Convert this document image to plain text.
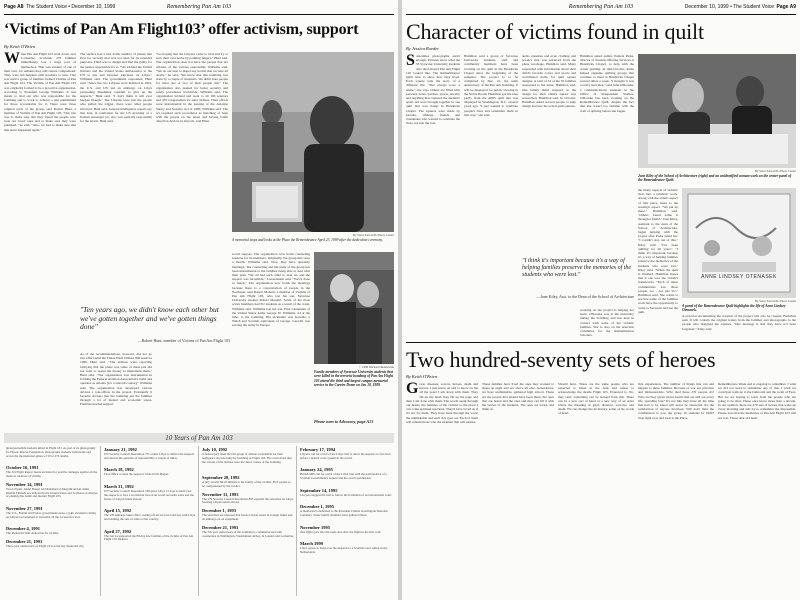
Page A8 The Student Voice • December 10, 1999	Remembering Pan Am 103
‘Victims of Pan Am Flight103’ offer activism, support
By Keith O'Brien
W hen Pan Am Flight 103 went down over Lockerbie, Scotland, 270 families immediately lost a huge part of themselves. That was evident of one of their own, for remains they still cannot comprehend. They were left helpless with nowhere to turn. That was until a group of families formed Victims of Pan Am Flight 103. The Victims of Pan Am Flight 103 was originally formed to be a proactive organization, according to President George Williams. It was meant to find out who was responsible for the bombing and to work to achieve a just punishment for those accountable for it. There were three original parts of the group, said Robert Hunt, a member of Victims of Pan Am Flight 103. "Our role was to make sure that they found the people who took our loved ones and to make sure they were punished," he said. "Also, we had to make sure that this never happened again."
The surface had a less dollar number of planes that flew for security that was not used for its intended purposes. Third was to design and find the guilty for the parties responsible for it. "We lobbied the United Nations and the United States Ambassador to the UN to put and increase sanctions on Libya," Williams said. The government responded, Hunt said. "Since the two Libyans were indicted in 1991, the U.S. and UN put an embargo on Libya persuading Muammar Gaddafi to give up the suspects," Hunt said. "I don't think it will ever happen though." The Libyans were just the people who pulled the trigger, there were other people involved, Hunt said. General intelligence reports say that Iran, in retaliation for the US downing of a Iranian passenger jet, also was partially responsible for the attack, Hunt said.
"Go hoping that the Libyans come to trial and try to save their own necks by pointing fingers," Hunt said. The organization does not have the people that are citizens of the various responsible Williams said. "We do our best to dispel any notion that we hate all Arabs," he said. "We know that this bombing was done by a couple of monsters. We didn't hate people for what one or two of their people did." The organization also pushed for better security and safety procedures worldwide, Williams said. The organization lobbied and went to all 106 senators and 435 congressmen for safer airlines. Their efforts were instrumental in the passing of the Aviation Safety and Security Act of 1990, Williams said. The act required such procedures as matching of bags with the people on the plane and having bomb detection devices in airports, said Hunt.
"Ten years ago, we didn't know each other but we've gotten together and we've gotten things done"
—Robert Hunt, member of Victims of Pan Am Flight 103
As of the recommendations, however, did not go into effect until the Times Wash billions 900 seeds in 1996, Hunt said. "The airlines were reporting lobbying that the plane was some of these just did not want to spend the money to implement them," Hunt said. "The organization was instrumental in forming the Federal Aviation Association's build and operates as Atlanta [for a smooth course]," Williams said. The organization has developed various devices a role-officer in the project. Eventually it became obvious that the bombing put the families through a lot of mental and economic stress. Families needed support.
By Steve Sartori/SU Photo Center
A memorial stops and looks at the Place the Remembrance April 23, 1999 after the dedication ceremony.
social support. The organization now holds counseling sessions for its members. Originally, the group met once a month, Williams said. Now, they have quarterly meetings. The counseling and the unity of the group has been instrumental to the families being able to deal with their pain. "We all had each other to lean on, and the support was incredible," Loewenstein said. "We've done so much." The organization now holds the meetings because there is a concentration of people in the Northeast, said Robert Monetti, a member of Victims of Pan Am Flight 103, who lost his son, Syracuse University student Robert Monetti. Some of the most active members had SU students as a result of the crash, Williams said. Williams lost his son, First Lieutenant of the United States Army George W. Williams, 24 at the time, to the bombing. His nickname was Geordie, a Welsh and Scottish equivalent of George. Geordie was serving the Army in Europe.
© 1989 Michael Okoniewski
Family members of Syracuse University students that were killed in the terrorist bombing of Pan Am Flight 103 attend the third and largest campus memorial service in the Carrier Dome on Jan 18, 1989.
Please turn to Advocacy, page A13
10 Years of Pan Am 103
photojournalism students killed in Flight 103. As part of its photography for Heroic Rescue Foundation, photographs students nationwide and across the international sphere of 50 to 270 deaths.
October 16, 1991
The 3rd Flight Report meets an intent for positive damages against all the made-to relatives of victims.
November 14, 1991
Two Libyans, Abdel Basset Ali Mohamed al-Megrahi and Al Amin Khalifa Fhimah, are indicted in the United States and Scotland on charges of planting the bomb and murder Flight 103.
November 27, 1991
The U.S., Britain and France governments issue a joint statement calling on Libyan Government to surrender all the accused for trial.
December 4, 1991
The Memorial Wall dedication for victims.
December 21, 1991
Three-year anniversary of Flight 103 on the day marks the city.
January 21, 1992
UN Security Council Resolution 731 orders Libya to deliver the suspects and answer the question of responsibility a couple of times.
March 18, 1992
First Office to meet the suspects' trials in the Hague.
March 31, 1992
UN Security Council Resolution 748 gives Libya 15 days to hand over the suspects or face a worldwide ban on air travel and arms sales and the freeze of Libyan funds abroad.
April 15, 1992
The UN embargo takes effect, cutting off all air travel and ties with Libya and banning the sale of arms to that country.
April 27, 1992
The last we supported the 88-day few families of the victims of Pan Am Flight 103 Disaster.
July 10, 1992
A federal jury finds that the group of airlines responsible for their negligence in protecting the bombing of Flight 103. The court states that the actions of the airlines were the direct causes of the bombing.
September 28, 1992
A jury awards $9.22 million to the family of the victims. First people to be compensated by the verdict.
November 11, 1993
The UN Security Council Resolution 883 expands the sanctions on Libya, freezing Libyan assets abroad.
December 1, 1993
The sanctions are imposed that freeze Libyan assets in foreign banks and an embargo on oil equipment.
December 21, 1993
The 5th-year anniversary of the bombing is commemorated with ceremonies in Washington, Westminster Abbey, in London and Lockerbie.
February 17, 1994
Libyans call for a trial of the Libya trial to allow the suspects to face trial before a neutral court system in the world.
January 24, 1995
British MPs call for a trial of the Libya trial with the participation of a Scottish Government's request and the court's permission.
September 14, 1995
Lawyers suggest the trial to follow the formation of an international court.
December 1, 1995
A memorial is dedicated to the President Clinton in Arlington National Cemetery. Some family members have gathered there.
November 1995
One flight goes into the same area after the flight in the first wall.
March 1999
Libya agrees to hand over the suspects to a Scottish court sitting in the Netherlands.
December 10, 1999 • The Student Voice Page A9
Remembering Pan Am 103
Character of victims found in quilt
By Jessica Roeder
S ometimes photographs aren't enough. Pictures show what the 35 Syracuse University students who died aboard Pan Am Flight 103 looked like. The Remembrance Quilt tries to show how they lived. Each square tells the story of a different life. "She always wore a smile," one says. Others are filled with personal notes, patches, sports, jewelry and anything that captured the students' spirit. All were brought together in one quilt that now hangs in Hendricks Chapel. The squares were made by parents, siblings, friends and classmates who wanted to celebrate the lives, not just the loss.
Hamilton said a group of Syracuse University students, staff and community members have been working on the quilt in the Hendricks Chapel since the beginning of the semester. The project is to be completed by Dec. 21, the tenth anniversary of the Pan Am bombing. It will be displayed for public viewing in the Noble Room. Hamilton got the idea partly from the AIDS quilt that was displayed in Washington, D.C. several years ago. "I just wanted to celebrate people's lives and remember them in that way," she said.
audio cassettes and even clothing and jewelry that was retrieved from the plane wreckage, Hamilton said. Many responded with information about their child's favorite colors and sports and contributed items for quilt square designs. A total of 34 of the 35 families responded to the letter, Hamilton said. One family didn't respond, so the design for their child's square was researched, Hamilton said. In October, Hamilton asked several people to help design and sew the actual quilt squares.
Hamilton asked quilter, Pamela Parks, director of Student Offering Services at Hendricks Chapel, to help with the actual quilting. In mid-October, Parks helped organize quilting groups that continue to meet at Hendricks Chapel several times a week. "I thought it was a really neat idea," said Julie O'Rourke, a communications assistant in the Office of Independent Studies. O'Rourke has been working on the Remembrance Quilt, despite the fact that she wasn't too familiar with the craft of quilting before she began.
"I think it's important because it's a way of helping families preserve the memories of the students who were lost."
—Jane Kiley, Asst. to the Dean of the School of Architecture
working on the project is helping her learn. O'Rourke was at the university during the bombing and has kept in contact with some of the victims' families. She is also on the selection committee for the Remembrance Scholars.
By Steve Sartori/SU Photo Center
Jane Kiley of the School of Architecture (right) and an unidentified woman work on the center panel of the Remembrance Quilt.
the many aspects of victims' lives into a symbolic work. Along with the artistic aspect of this piece, there is the nostalgic aspect. "We put up there," Hamilton said. "Others found some it through a friend." Jane Kiley, assistant to the dean of the School of Architecture, began helping with the project after Parks asked her. "I couldn't stay out of this," Kiley said. "I've been quilting for 26 years." "I think it's important because it's a way of helping families preserve the memories of the students who were lost," Kiley said. "When the quilt is finished, Hamilton hopes that it one tour the victim's hometowns. "Each of these communities lost those people, too - not just SU," Hamilton said. She wants to see that some of the families work have the opportunity to come to Syracuse and see the quilt.
ANNE LINDSEY OTENASEK
By Steve Sartori/SU Photo Center
A panel of the Remembrance Quilt highlights the life of Anne Lindsey Otenasek.
A pictorial documenting the creation of the project will also be created. Hamilton said. It will contain the original letters from the families and photographs to the people who designed the squares. "One message is that they have not been forgotten," Kiley said.
Two hundred-seventy sets of heroes
By Keith O'Brien
G reat, diseases, sorrow, heroes, death and heroes. I just know on and to know on me all the years I am down with them. They fill up my head, they fill up the page and then I am done with them. The words seem through our heads, the families of the victims to the place I can come spiritual reactions. They'd have loved us if it's not for them. They have been through the worst the unthinkable and each day goes on. Each of them will remain those who the moment that will endure.
These families have lived the ones they worked to shape an eight and are above all else. Generations, we have unthinkable, gathered high school. These are the people that should have been there, the ones that our hearts and the ones and they can fill it with the stories of the students. The ones we loved, and think of.
Should have. These are the same people who are expected to listen in the dark and refuse to acknowledge the deaths Flight 103. Expected to. No, they can't, something can be learned from this. There can be a new sort of hand or a new way of an order where the meaning of grief, distance, sorrows, and death. We can change the dictionary, some of the words of heart.
first experiences. The number of things that can and happen to these families. Because of war are priceless and immeasurable. Who died these 270 people do? Who are they given whose hearts that are still out every life, spending fate? It's not like they have all the time that had to be asked will never be answered. It's the satisfaction of anyone involved. Still don't miss the commission to you, the group 10 students in 1990? Stop right now and look at the Place.
Remembrance Week and is ongoing to remember. I wish we did not need to remember any of this. I wish we could just walk up to the bathroom and the room of Eyes. But we are hoping to learn from the people who are going to be after. These ones know more than a decade. In our opinion, there are 270 sets of heroes that wake up every morning and still try to remember the impossible. Please note that the memories of Pan Am Flight 103 will not rest. Those dear old heart.
